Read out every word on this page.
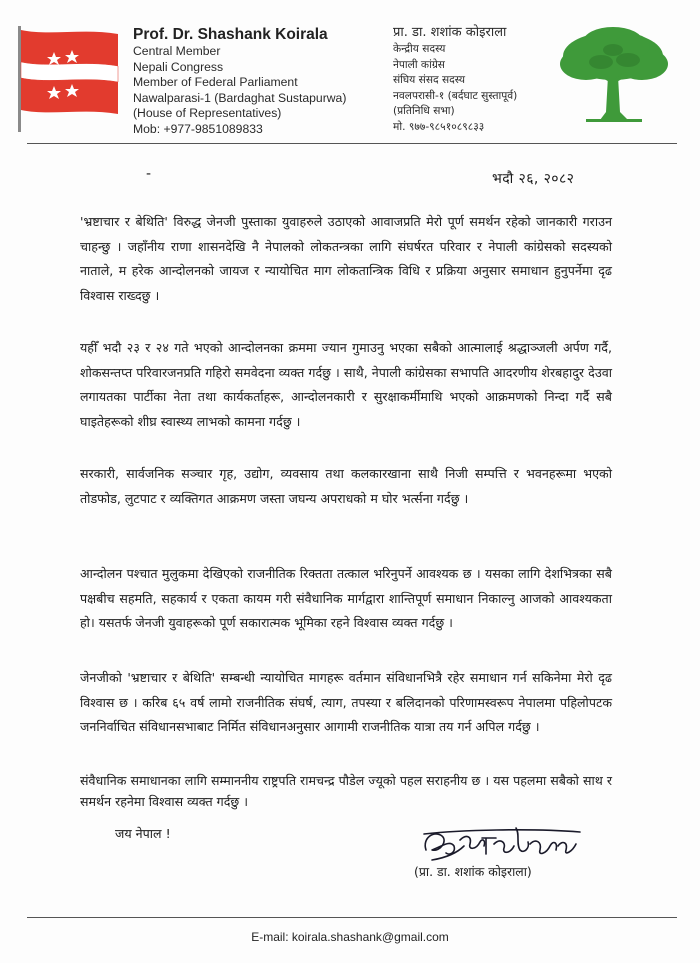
Prof. Dr. Shashank Koirala
Central Member
Nepali Congress
Member of Federal Parliament
Nawalparasi-1 (Bardaghat Sustapurwa)
(House of Representatives)
Mob: +977-9851089833
प्रा. डा. शशांक कोइराला
केन्द्रीय सदस्य
नेपाली कांग्रेस
संघिय संसद सदस्य
नवलपरासी-१ (बर्दघाट सुस्तापूर्व)
(प्रतिनिधि सभा)
मो. ९७७-९८५१०८९८३३
-	भदौ २६, २०८२

'भ्रष्टाचार र बेथिति' विरुद्ध जेनजी पुस्ताका युवाहरुले उठाएको आवाजप्रति मेरो पूर्ण समर्थन रहेको जानकारी गराउन चाहन्छु । जहाँनीय राणा शासनदेखि नै नेपालको लोकतन्त्रका लागि संघर्षरत परिवार र नेपाली कांग्रेसको सदस्यको नाताले, म हरेक आन्दोलनको जायज र न्यायोचित माग लोकतान्त्रिक विधि र प्रक्रिया अनुसार समाधान हुनुपर्नेमा दृढ विश्वास राख्दछु ।

यहीँ भदौ २३ र २४ गते भएको आन्दोलनका क्रममा ज्यान गुमाउनु भएका सबैको आत्मालाई श्रद्धाञ्जली अर्पण गर्दै, शोकसन्तप्त परिवारजनप्रति गहिरो समवेदना व्यक्त गर्दछु । साथै, नेपाली कांग्रेसका सभापति आदरणीय शेरबहादुर देउवा लगायतका पार्टीका नेता तथा कार्यकर्ताहरू, आन्दोलनकारी र सुरक्षाकर्मीमाथि भएको आक्रमणको निन्दा गर्दै सबै घाइतेहरूको शीघ्र स्वास्थ्य लाभको कामना गर्दछु ।

सरकारी, सार्वजनिक सञ्चार गृह, उद्योग, व्यवसाय तथा कलकारखाना साथै निजी सम्पत्ति र भवनहरूमा भएको तोडफोड, लुटपाट र व्यक्तिगत आक्रमण जस्ता जघन्य अपराधको म घोर भर्त्सना गर्दछु ।

आन्दोलन पश्चात मुलुकमा देखिएको राजनीतिक रिक्तता तत्काल भरिनुपर्ने आवश्यक छ । यसका लागि देशभित्रका सबै पक्षबीच सहमति, सहकार्य र एकता कायम गरी संवैधानिक मार्गद्वारा शान्तिपूर्ण समाधान निकाल्नु आजको आवश्यकता हो। यसतर्फ जेनजी युवाहरूको पूर्ण सकारात्मक भूमिका रहने विश्वास व्यक्त गर्दछु ।

जेनजीको 'भ्रष्टाचार र बेथिति' सम्बन्धी न्यायोचित मागहरू वर्तमान संविधानभित्रै रहेर समाधान गर्न सकिनेमा मेरो दृढ विश्वास छ । करिब ६५ वर्ष लामो राजनीतिक संघर्ष, त्याग, तपस्या र बलिदानको परिणामस्वरूप नेपालमा पहिलोपटक जननिर्वाचित संविधानसभाबाट निर्मित संविधानअनुसार आगामी राजनीतिक यात्रा तय गर्न अपिल गर्दछु ।

संवैधानिक समाधानका लागि सम्माननीय राष्ट्रपति रामचन्द्र पौडेल ज्यूको पहल सराहनीय छ । यस पहलमा सबैको साथ र समर्थन रहनेमा विश्वास व्यक्त गर्दछु ।

जय नेपाल !
(प्रा. डा. शशांक कोइराला)
E-mail: koirala.shashank@gmail.com
